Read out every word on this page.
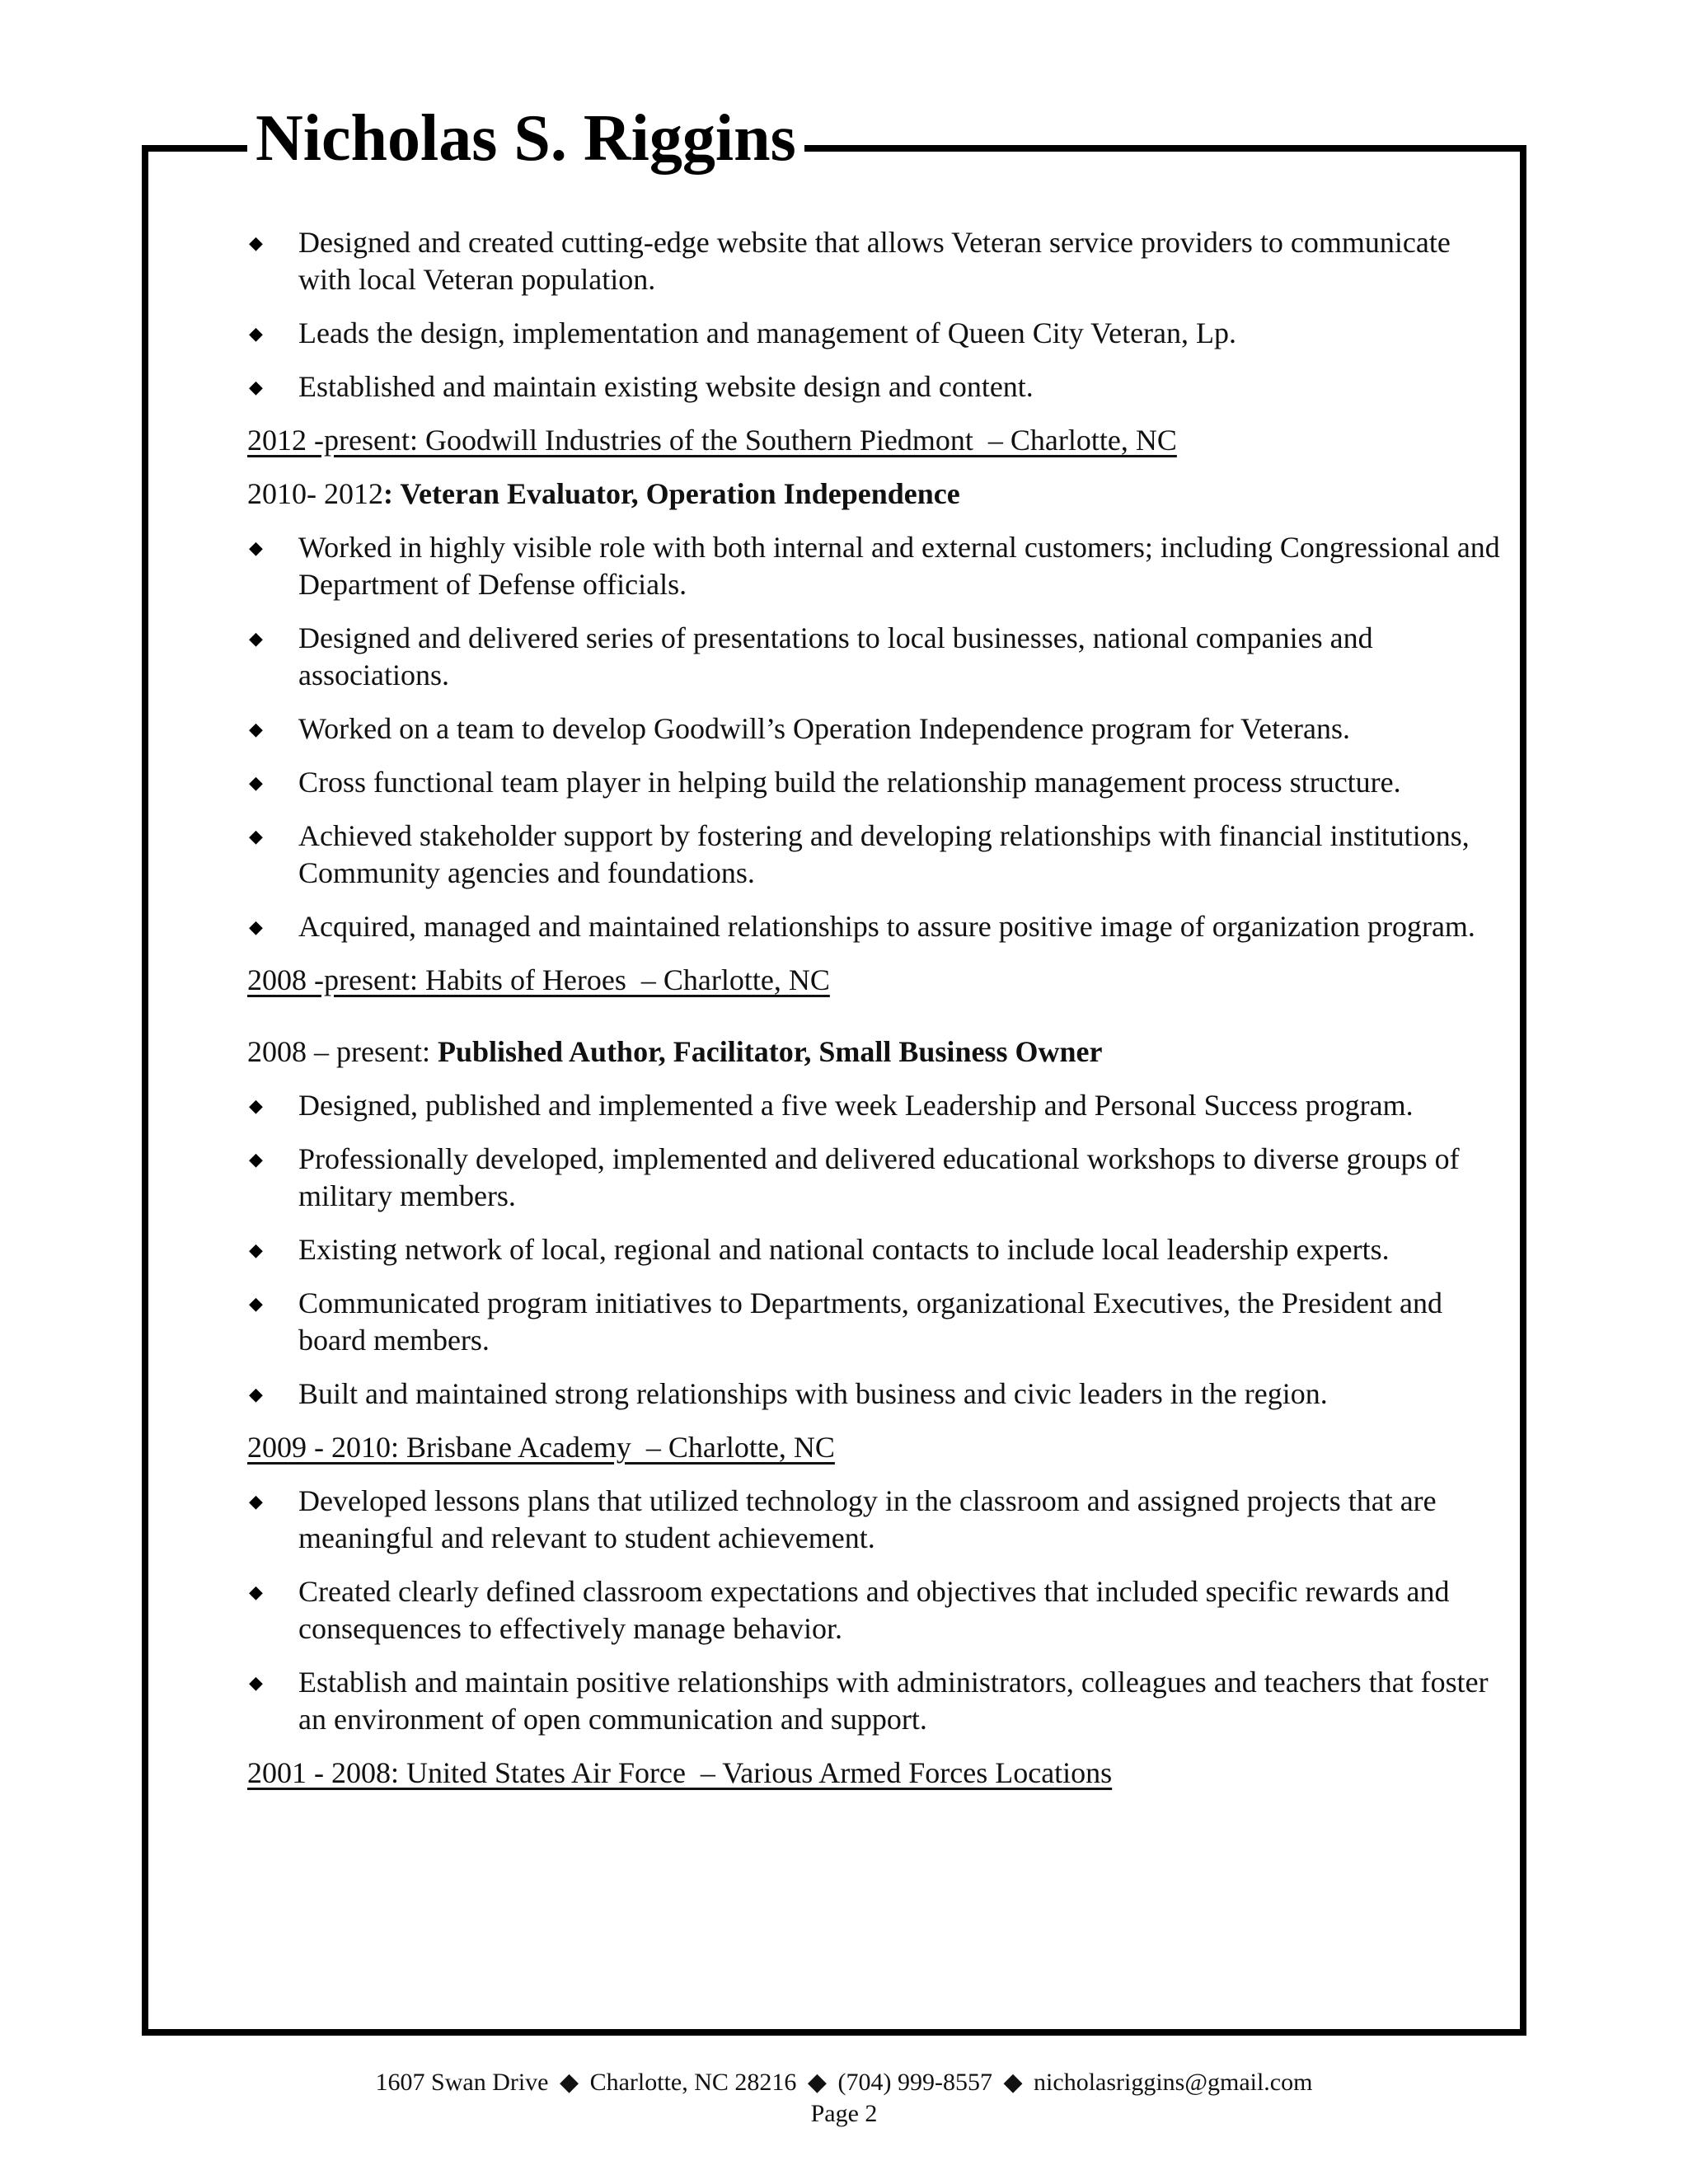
Nicholas S. Riggins
◆ Designed and created cutting-edge website that allows Veteran service providers to communicate with local Veteran population.
◆ Leads the design, implementation and management of Queen City Veteran, Lp.
◆ Established and maintain existing website design and content.
2012 -present: Goodwill Industries of the Southern Piedmont  – Charlotte, NC
2010- 2012: Veteran Evaluator, Operation Independence
◆ Worked in highly visible role with both internal and external customers; including Congressional and Department of Defense officials.
◆ Designed and delivered series of presentations to local businesses, national companies and associations.
◆ Worked on a team to develop Goodwill’s Operation Independence program for Veterans.
◆ Cross functional team player in helping build the relationship management process structure.
◆ Achieved stakeholder support by fostering and developing relationships with financial institutions, Community agencies and foundations.
◆ Acquired, managed and maintained relationships to assure positive image of organization program.
2008 -present: Habits of Heroes  – Charlotte, NC
2008 – present: Published Author, Facilitator, Small Business Owner
◆ Designed, published and implemented a five week Leadership and Personal Success program.
◆ Professionally developed, implemented and delivered educational workshops to diverse groups of military members.
◆ Existing network of local, regional and national contacts to include local leadership experts.
◆ Communicated program initiatives to Departments, organizational Executives, the President and board members.
◆ Built and maintained strong relationships with business and civic leaders in the region.
2009 - 2010: Brisbane Academy  – Charlotte, NC
◆ Developed lessons plans that utilized technology in the classroom and assigned projects that are meaningful and relevant to student achievement.
◆ Created clearly defined classroom expectations and objectives that included specific rewards and consequences to effectively manage behavior.
◆ Establish and maintain positive relationships with administrators, colleagues and teachers that foster an environment of open communication and support.
2001 - 2008: United States Air Force  – Various Armed Forces Locations
1607 Swan Drive ◆ Charlotte, NC 28216 ◆ (704) 999-8557 ◆ nicholasriggins@gmail.com
Page 2
